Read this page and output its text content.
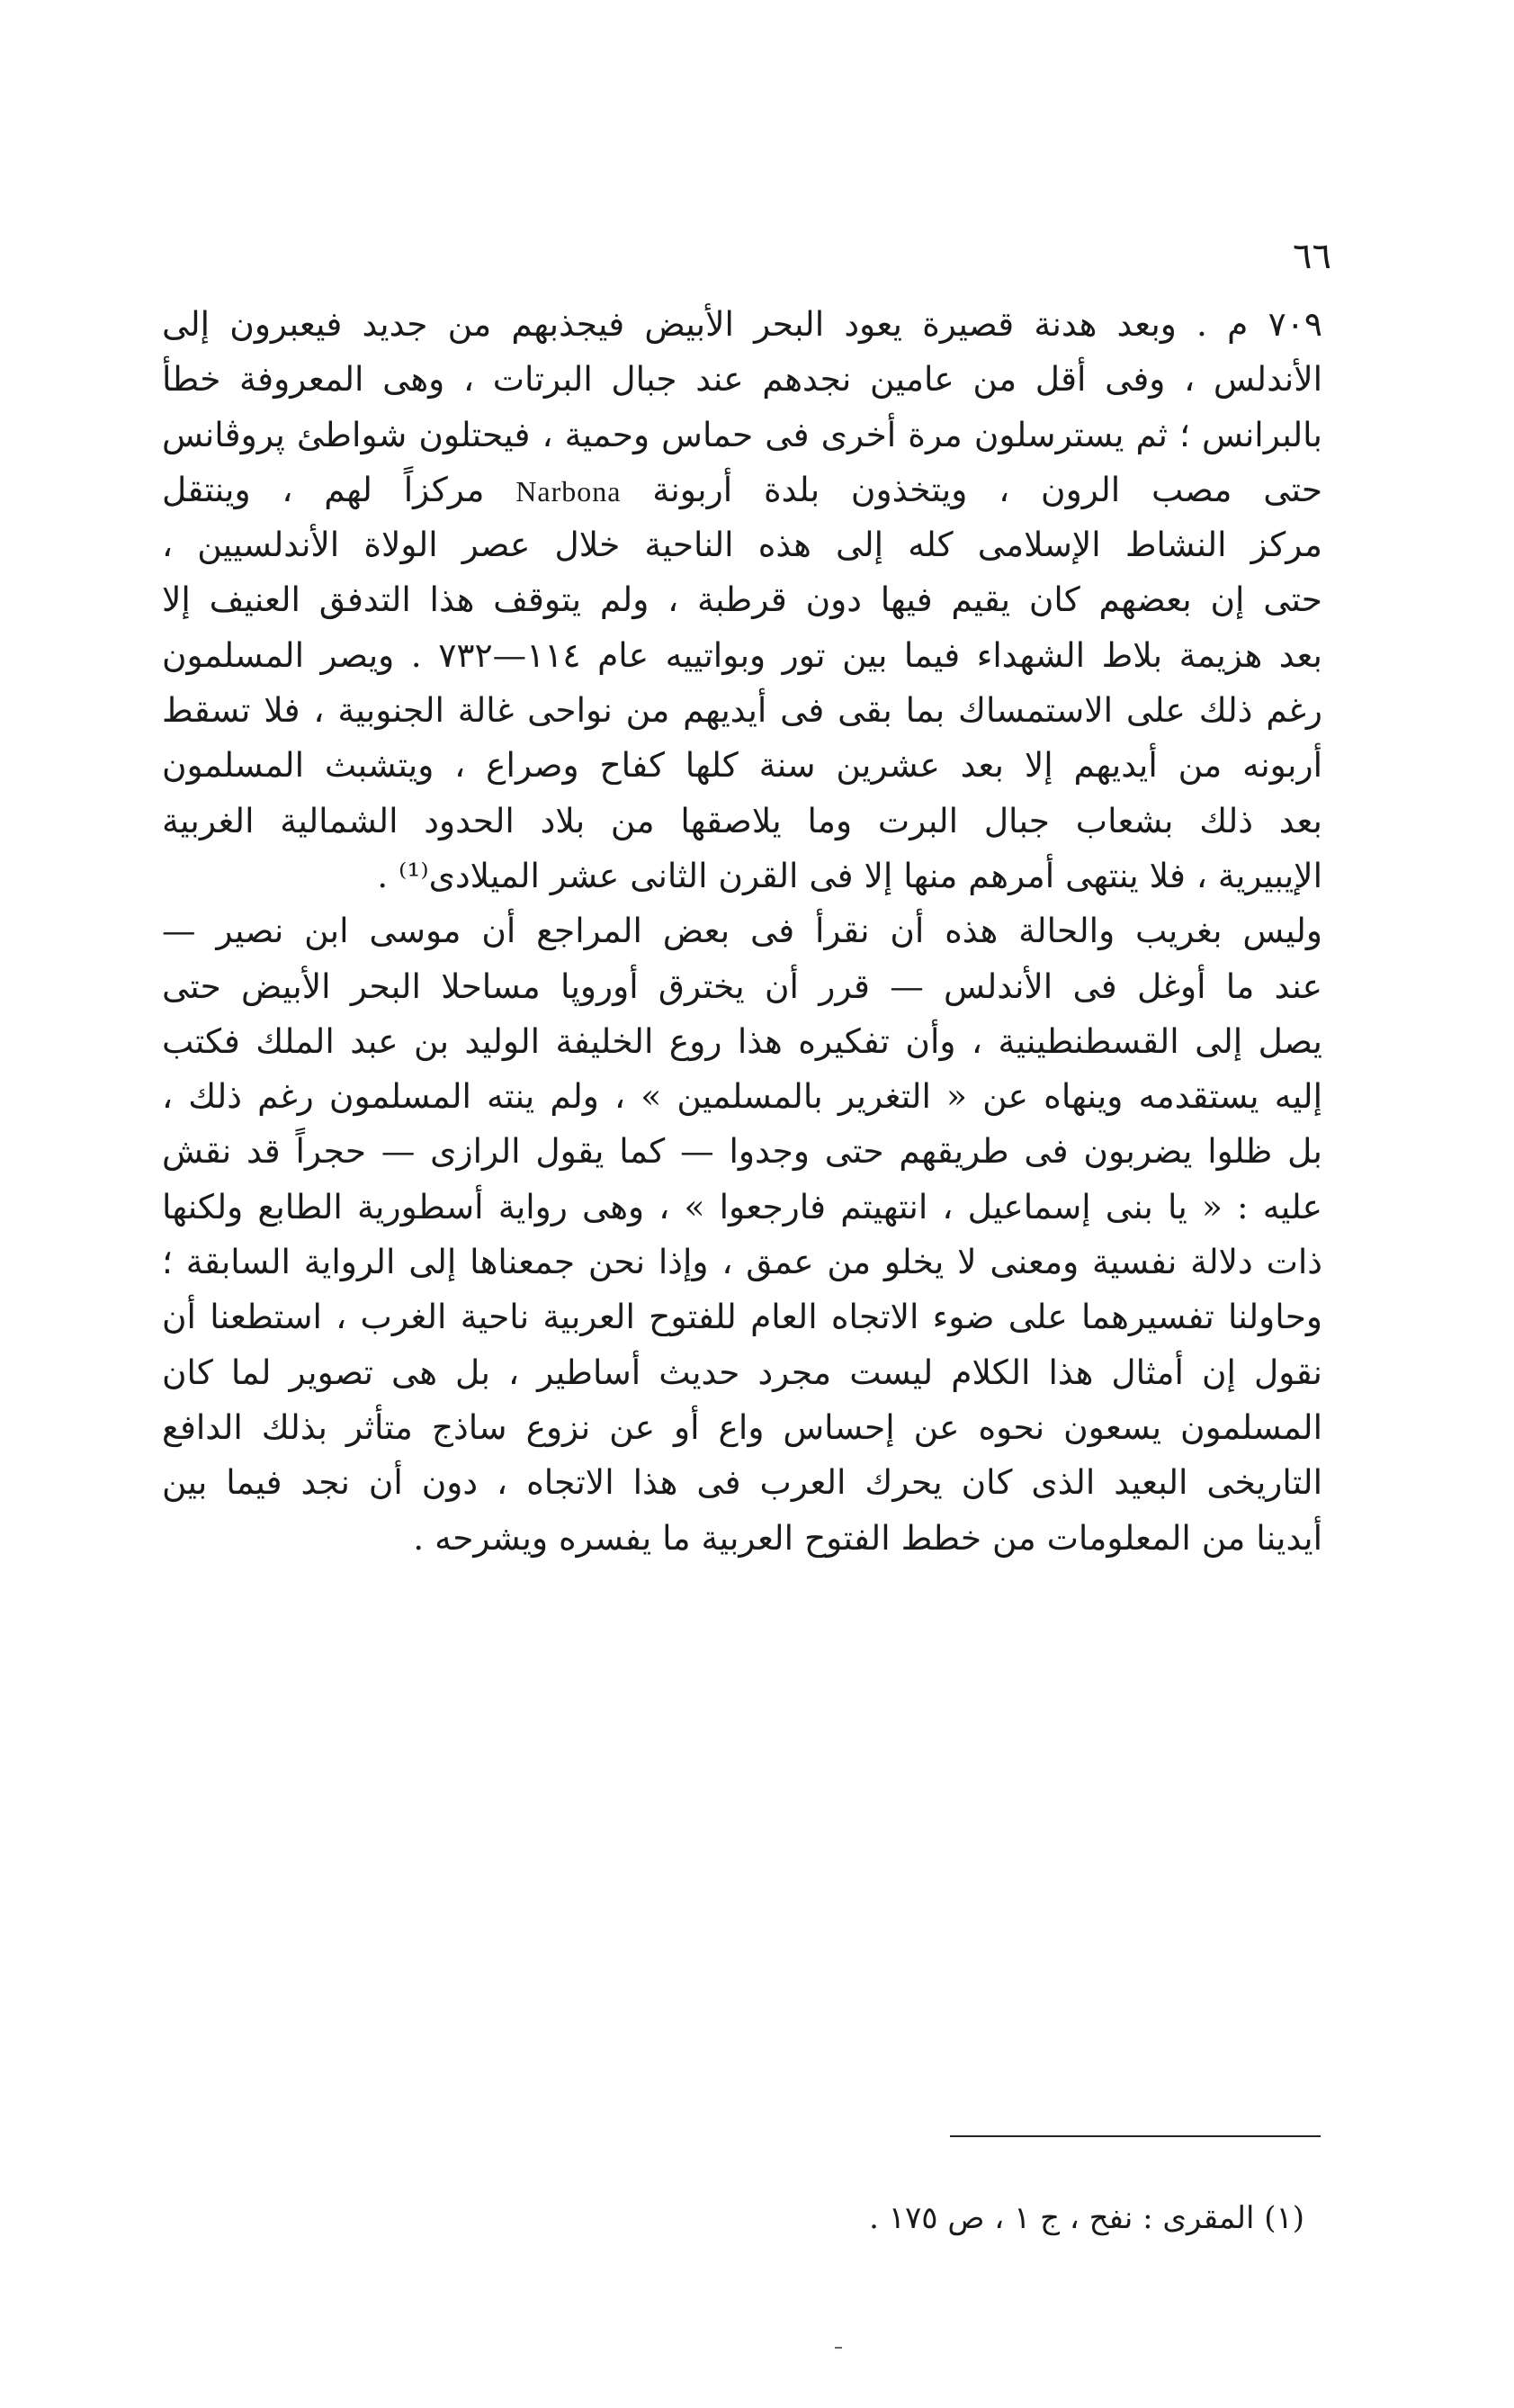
٦٦
٧٠٩ م . وبعد هدنة قصيرة يعود البحر الأبيض فيجذبهم من جديد فيعبرون إلى
الأندلس ، وفى أقل من عامين نجدهم عند جبال البرتات ، وهى المعروفة خطأ
بالبرانس ؛ ثم يسترسلون مرة أخرى فى حماس وحمية ، فيحتلون شواطئ پروڤانس
حتى مصب الرون ، ويتخذون بلدة أربونة Narbona مركزاً لهم ، وينتقل
مركز النشاط الإسلامى كله إلى هذه الناحية خلال عصر الولاة الأندلسيين ،
حتى إن بعضهم كان يقيم فيها دون قرطبة ، ولم يتوقف هذا التدفق العنيف إلا
بعد هزيمة بلاط الشهداء فيما بين تور وبواتييه عام ١١٤—٧٣٢ . ويصر المسلمون
رغم ذلك على الاستمساك بما بقى فى أيديهم من نواحى غالة الجنوبية ، فلا تسقط
أربونه من أيديهم إلا بعد عشرين سنة كلها كفاح وصراع ، ويتشبث المسلمون
بعد ذلك بشعاب جبال البرت وما يلاصقها من بلاد الحدود الشمالية الغربية
الإيبيرية ، فلا ينتهى أمرهم منها إلا فى القرن الثانى عشر الميلادى⁽¹⁾ .
وليس بغريب والحالة هذه أن نقرأ فى بعض المراجع أن موسى ابن نصير —
عند ما أوغل فى الأندلس — قرر أن يخترق أوروپا مساحلا البحر الأبيض حتى
يصل إلى القسطنطينية ، وأن تفكيره هذا روع الخليفة الوليد بن عبد الملك فكتب
إليه يستقدمه وينهاه عن « التغرير بالمسلمين » ، ولم ينته المسلمون رغم ذلك ،
بل ظلوا يضربون فى طريقهم حتى وجدوا — كما يقول الرازى — حجراً قد نقش
عليه : « يا بنى إسماعيل ، انتهيتم فارجعوا » ، وهى رواية أسطورية الطابع ولكنها
ذات دلالة نفسية ومعنى لا يخلو من عمق ، وإذا نحن جمعناها إلى الرواية السابقة ؛
وحاولنا تفسيرهما على ضوء الاتجاه العام للفتوح العربية ناحية الغرب ، استطعنا أن
نقول إن أمثال هذا الكلام ليست مجرد حديث أساطير ، بل هى تصوير لما كان
المسلمون يسعون نحوه عن إحساس واع أو عن نزوع ساذج متأثر بذلك الدافع
التاريخى البعيد الذى كان يحرك العرب فى هذا الاتجاه ، دون أن نجد فيما بين
أيدينا من المعلومات من خطط الفتوح العربية ما يفسره ويشرحه .
(١) المقرى : نفح ، ج ١ ، ص ١٧٥ .
